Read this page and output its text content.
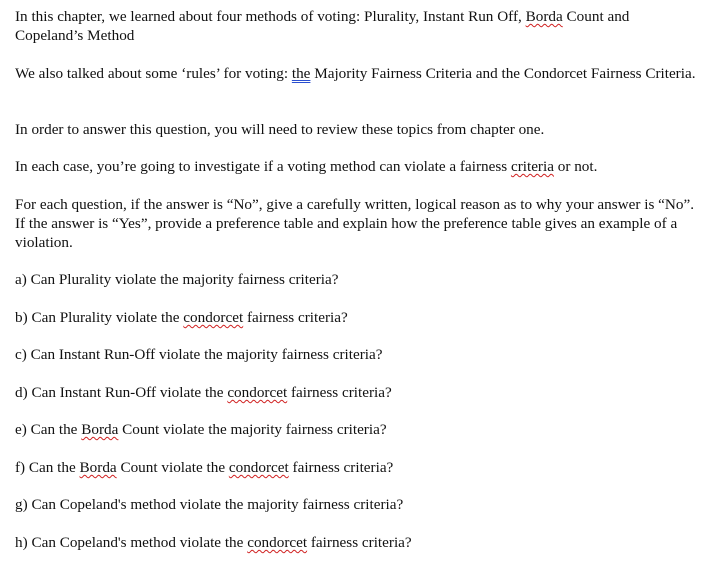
In this chapter, we learned about four methods of voting: Plurality, Instant Run Off, Borda Count and Copeland’s Method

We also talked about some ‘rules’ for voting: the Majority Fairness Criteria and the Condorcet Fairness Criteria.

In order to answer this question, you will need to review these topics from chapter one.

In each case, you’re going to investigate if a voting method can violate a fairness criteria or not.

For each question, if the answer is “No”, give a carefully written, logical reason as to why your answer is “No”. If the answer is “Yes”, provide a preference table and explain how the preference table gives an example of a violation.

a) Can Plurality violate the majority fairness criteria?

b) Can Plurality violate the condorcet fairness criteria?

c) Can Instant Run-Off violate the majority fairness criteria?

d) Can Instant Run-Off violate the condorcet fairness criteria?

e) Can the Borda Count violate the majority fairness criteria?

f) Can the Borda Count violate the condorcet fairness criteria?

g) Can Copeland's method violate the majority fairness criteria?

h) Can Copeland's method violate the condorcet fairness criteria?
